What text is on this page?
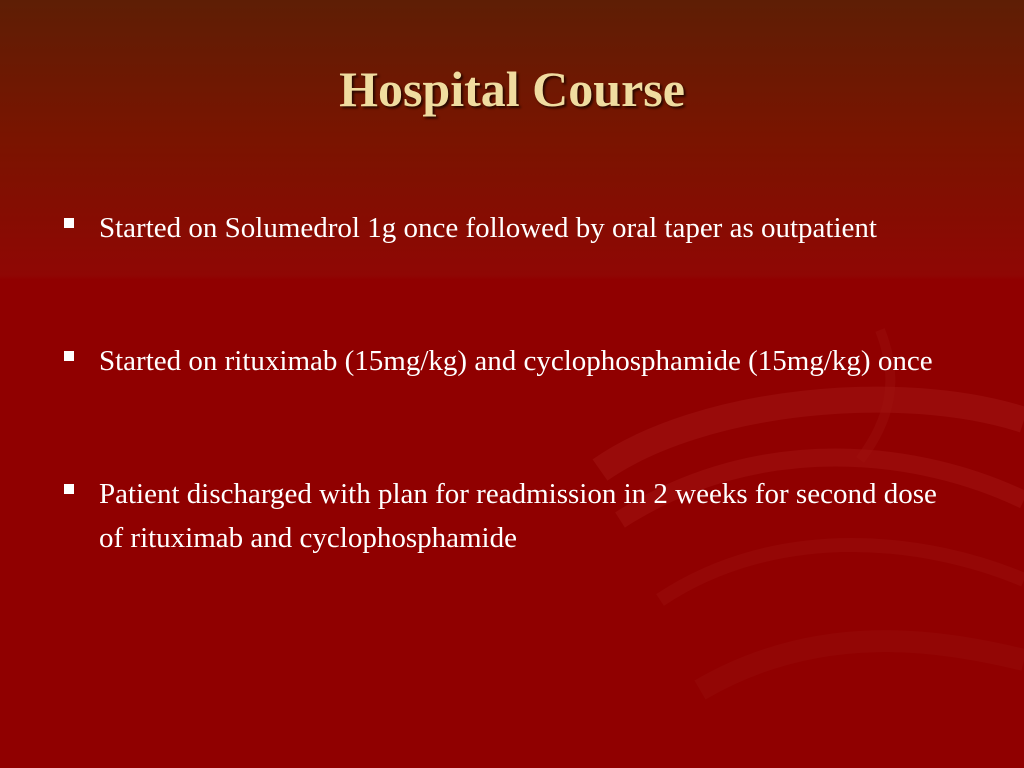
Hospital Course
Started on Solumedrol 1g once followed by oral taper as outpatient
Started on rituximab (15mg/kg) and cyclophosphamide (15mg/kg) once
Patient discharged with plan for readmission in 2 weeks for second dose of rituximab and cyclophosphamide
